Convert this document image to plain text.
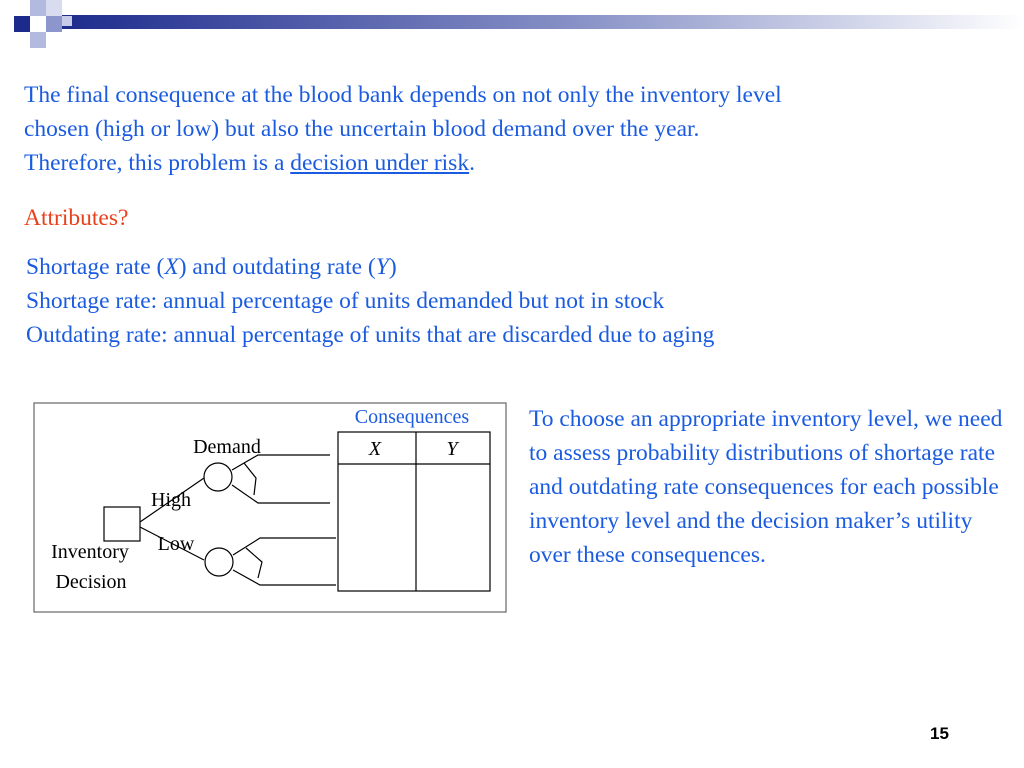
The final consequence at the blood bank depends on not only the inventory level
chosen (high or low) but also the uncertain blood demand over the year.
Therefore, this problem is a decision under risk.
Attributes?
Shortage rate (X) and outdating rate (Y)
Shortage rate: annual percentage of units demanded but not in stock
Outdating rate: annual percentage of units that are discarded due to aging
Consequences
X	Y
Inventory
Decision
High
Low
Demand
To choose an appropriate inventory level, we need to assess probability distributions of shortage rate and outdating rate consequences for each possible inventory level and the decision maker’s utility over these consequences.
15
